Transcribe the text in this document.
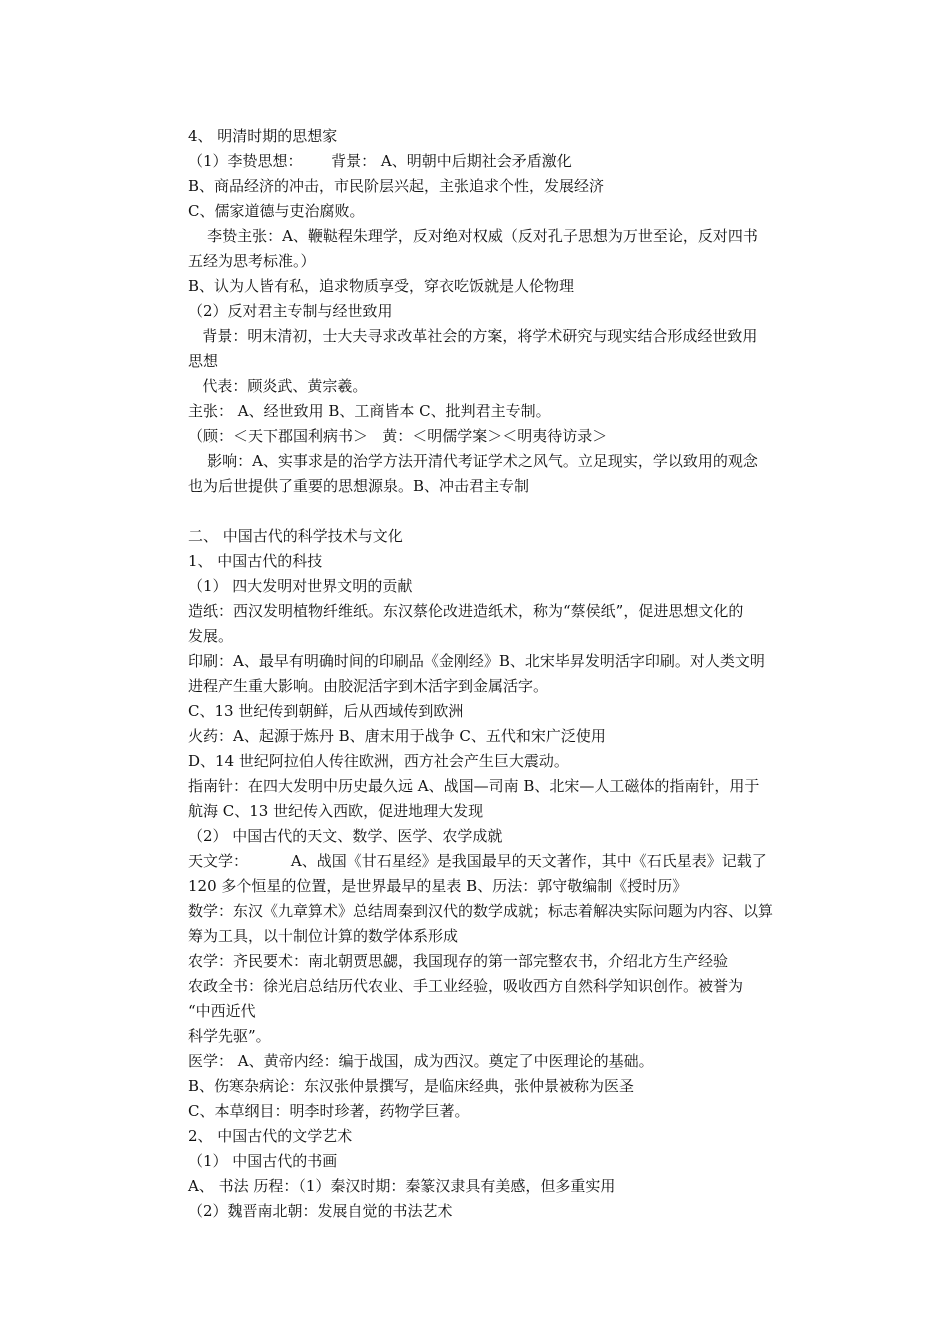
4、 明清时期的思想家

（1）李贽思想：      背景： A、明朝中后期社会矛盾激化

B、商品经济的冲击，市民阶层兴起，主张追求个性，发展经济

C、儒家道德与吏治腐败。

李贽主张：A、鞭鞑程朱理学，反对绝对权威（反对孔子思想为万世至论，反对四书

五经为思考标准。）

B、认为人皆有私，追求物质享受，穿衣吃饭就是人伦物理

（2）反对君主专制与经世致用

背景：明末清初，士大夫寻求改革社会的方案，将学术研究与现实结合形成经世致用

思想

代表：顾炎武、黄宗羲。

主张： A、经世致用 B、工商皆本 C、批判君主专制。

（顾：＜天下郡国利病书＞   黄：＜明儒学案＞＜明夷待访录＞

影响：A、实事求是的治学方法开清代考证学术之风气。立足现实，学以致用的观念

也为后世提供了重要的思想源泉。B、冲击君主专制

二、 中国古代的科学技术与文化

1、 中国古代的科技

（1） 四大发明对世界文明的贡献

造纸：西汉发明植物纤维纸。东汉蔡伦改进造纸术，称为“蔡侯纸”，促进思想文化的

发展。

印刷：A、最早有明确时间的印刷品《金刚经》B、北宋毕昇发明活字印刷。对人类文明

进程产生重大影响。由胶泥活字到木活字到金属活字。

C、13 世纪传到朝鲜，后从西域传到欧洲

火药：A、起源于炼丹 B、唐末用于战争 C、五代和宋广泛使用

D、14 世纪阿拉伯人传往欧洲，西方社会产生巨大震动。

指南针：在四大发明中历史最久远 A、战国—司南 B、北宋—人工磁体的指南针，用于

航海 C、13 世纪传入西欧，促进地理大发现

（2） 中国古代的天文、数学、医学、农学成就

天文学：         A、战国《甘石星经》是我国最早的天文著作，其中《石氏星表》记载了

120 多个恒星的位置，是世界最早的星表 B、历法：郭守敬编制《授时历》

数学：东汉《九章算术》总结周秦到汉代的数学成就；标志着解决实际问题为内容、以算

筹为工具，以十制位计算的数学体系形成

农学：齐民要术：南北朝贾思勰，我国现存的第一部完整农书，介绍北方生产经验

农政全书：徐光启总结历代农业、手工业经验，吸收西方自然科学知识创作。被誉为

“中西近代

科学先驱”。

医学： A、黄帝内经：编于战国，成为西汉。奠定了中医理论的基础。

B、伤寒杂病论：东汉张仲景撰写，是临床经典，张仲景被称为医圣

C、本草纲目：明李时珍著，药物学巨著。

2、 中国古代的文学艺术

（1） 中国古代的书画

A、 书法 历程：（1）秦汉时期：秦篆汉隶具有美感，但多重实用

（2）魏晋南北朝：发展自觉的书法艺术
